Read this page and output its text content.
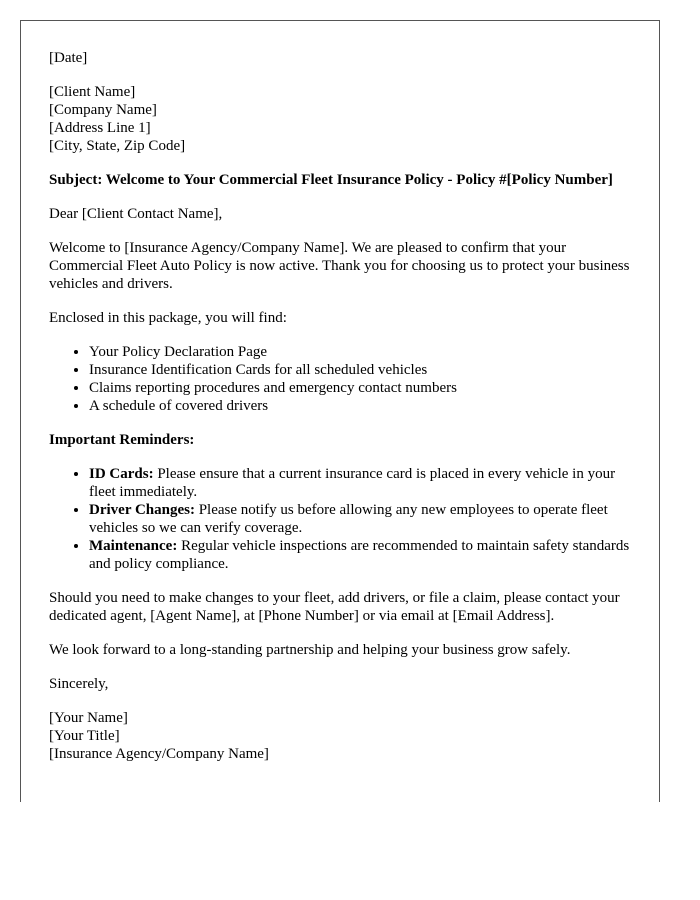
[Date]

[Client Name]
[Company Name]
[Address Line 1]
[City, State, Zip Code]

Subject: Welcome to Your Commercial Fleet Insurance Policy - Policy #[Policy Number]

Dear [Client Contact Name],

Welcome to [Insurance Agency/Company Name]. We are pleased to confirm that your Commercial Fleet Auto Policy is now active. Thank you for choosing us to protect your business vehicles and drivers.

Enclosed in this package, you will find:

• Your Policy Declaration Page
• Insurance Identification Cards for all scheduled vehicles
• Claims reporting procedures and emergency contact numbers
• A schedule of covered drivers

Important Reminders:

• ID Cards: Please ensure that a current insurance card is placed in every vehicle in your fleet immediately.
• Driver Changes: Please notify us before allowing any new employees to operate fleet vehicles so we can verify coverage.
• Maintenance: Regular vehicle inspections are recommended to maintain safety standards and policy compliance.

Should you need to make changes to your fleet, add drivers, or file a claim, please contact your dedicated agent, [Agent Name], at [Phone Number] or via email at [Email Address].

We look forward to a long-standing partnership and helping your business grow safely.

Sincerely,

[Your Name]
[Your Title]
[Insurance Agency/Company Name]
